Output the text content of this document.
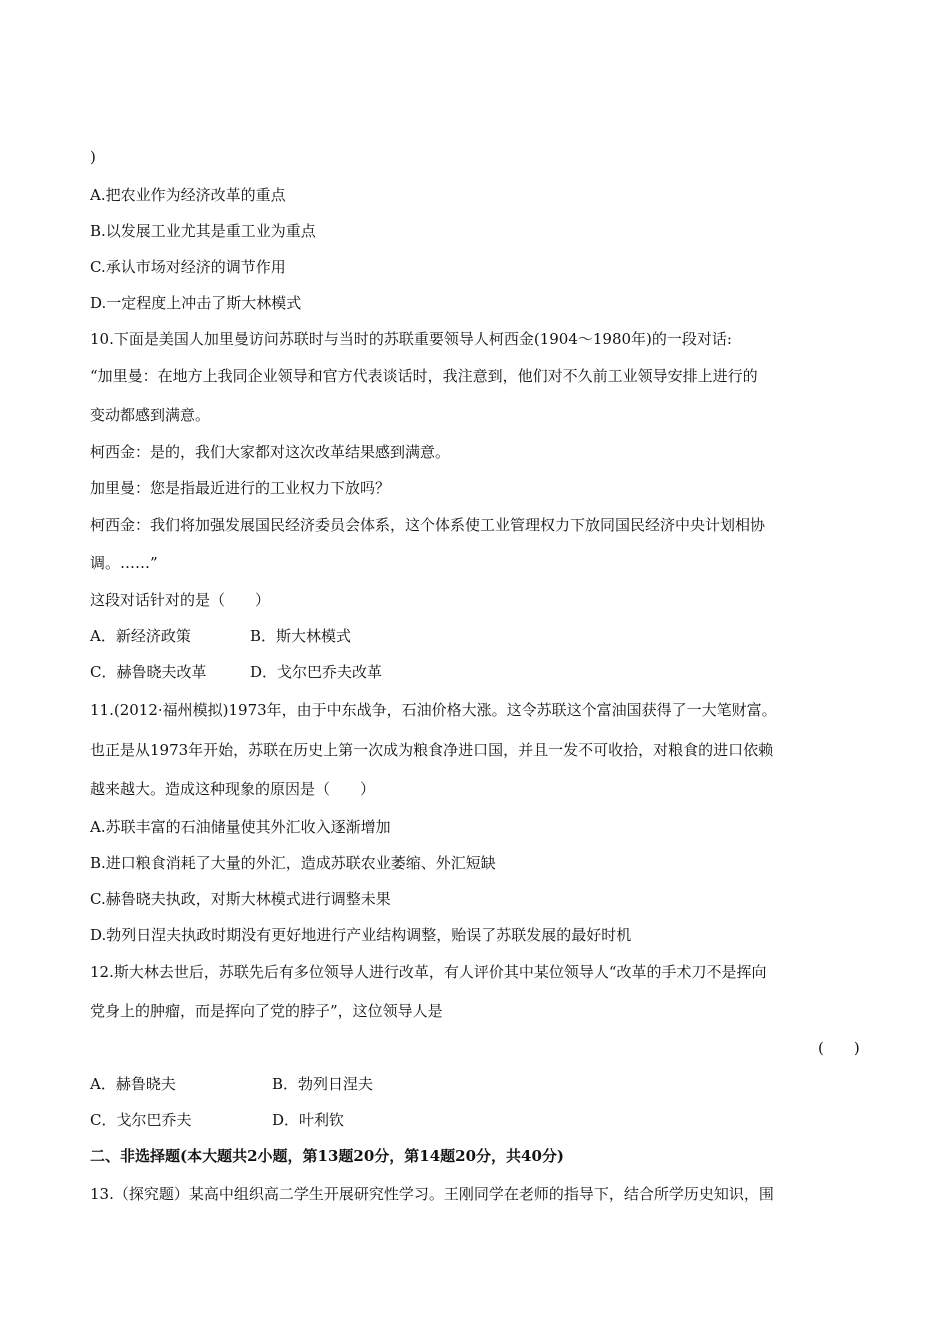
)
A.把农业作为经济改革的重点
B.以发展工业尤其是重工业为重点
C.承认市场对经济的调节作用
D.一定程度上冲击了斯大林模式
10.下面是美国人加里曼访问苏联时与当时的苏联重要领导人柯西金(1904～1980年)的一段对话:
“加里曼：在地方上我同企业领导和官方代表谈话时，我注意到，他们对不久前工业领导安排上进行的
变动都感到满意。
柯西金：是的，我们大家都对这次改革结果感到满意。
加里曼：您是指最近进行的工业权力下放吗？
柯西金：我们将加强发展国民经济委员会体系，这个体系使工业管理权力下放同国民经济中央计划相协
调。……”
这段对话针对的是（　　）
A．新经济政策	B．斯大林模式
C．赫鲁晓夫改革	D．戈尔巴乔夫改革
11.(2012·福州模拟)1973年，由于中东战争，石油价格大涨。这令苏联这个富油国获得了一大笔财富。
也正是从1973年开始，苏联在历史上第一次成为粮食净进口国，并且一发不可收拾，对粮食的进口依赖
越来越大。造成这种现象的原因是（　　）
A.苏联丰富的石油储量使其外汇收入逐渐增加
B.进口粮食消耗了大量的外汇，造成苏联农业萎缩、外汇短缺
C.赫鲁晓夫执政，对斯大林模式进行调整未果
D.勃列日涅夫执政时期没有更好地进行产业结构调整，贻误了苏联发展的最好时机
12.斯大林去世后，苏联先后有多位领导人进行改革，有人评价其中某位领导人“改革的手术刀不是挥向
党身上的肿瘤，而是挥向了党的脖子”，这位领导人是
(　　)
A．赫鲁晓夫	B．勃列日涅夫
C．戈尔巴乔夫	D．叶利钦
二、非选择题(本大题共2小题，第13题20分，第14题20分，共40分)
13.（探究题）某高中组织高二学生开展研究性学习。王刚同学在老师的指导下，结合所学历史知识，围
